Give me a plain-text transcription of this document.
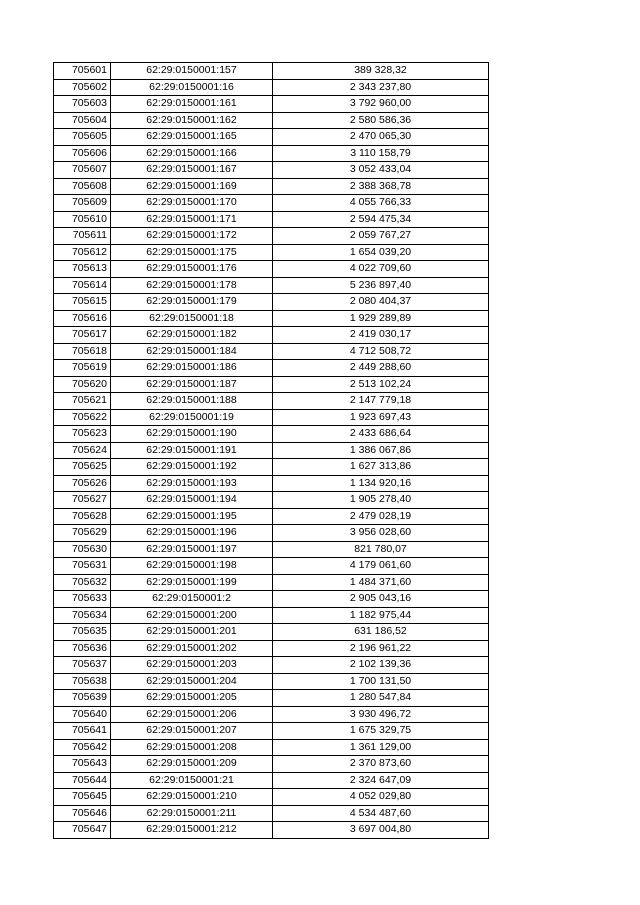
705601	62:29:0150001:157	389 328,32
705602	62:29:0150001:16	2 343 237,80
705603	62:29:0150001:161	3 792 960,00
705604	62:29:0150001:162	2 580 586,36
705605	62:29:0150001:165	2 470 065,30
705606	62:29:0150001:166	3 110 158,79
705607	62:29:0150001:167	3 052 433,04
705608	62:29:0150001:169	2 388 368,78
705609	62:29:0150001:170	4 055 766,33
705610	62:29:0150001:171	2 594 475,34
705611	62:29:0150001:172	2 059 767,27
705612	62:29:0150001:175	1 654 039,20
705613	62:29:0150001:176	4 022 709,60
705614	62:29:0150001:178	5 236 897,40
705615	62:29:0150001:179	2 080 404,37
705616	62:29:0150001:18	1 929 289,89
705617	62:29:0150001:182	2 419 030,17
705618	62:29:0150001:184	4 712 508,72
705619	62:29:0150001:186	2 449 288,60
705620	62:29:0150001:187	2 513 102,24
705621	62:29:0150001:188	2 147 779,18
705622	62:29:0150001:19	1 923 697,43
705623	62:29:0150001:190	2 433 686,64
705624	62:29:0150001:191	1 386 067,86
705625	62:29:0150001:192	1 627 313,86
705626	62:29:0150001:193	1 134 920,16
705627	62:29:0150001:194	1 905 278,40
705628	62:29:0150001:195	2 479 028,19
705629	62:29:0150001:196	3 956 028,60
705630	62:29:0150001:197	821 780,07
705631	62:29:0150001:198	4 179 061,60
705632	62:29:0150001:199	1 484 371,60
705633	62:29:0150001:2	2 905 043,16
705634	62:29:0150001:200	1 182 975,44
705635	62:29:0150001:201	631 186,52
705636	62:29:0150001:202	2 196 961,22
705637	62:29:0150001:203	2 102 139,36
705638	62:29:0150001:204	1 700 131,50
705639	62:29:0150001:205	1 280 547,84
705640	62:29:0150001:206	3 930 496,72
705641	62:29:0150001:207	1 675 329,75
705642	62:29:0150001:208	1 361 129,00
705643	62:29:0150001:209	2 370 873,60
705644	62:29:0150001:21	2 324 647,09
705645	62:29:0150001:210	4 052 029,80
705646	62:29:0150001:211	4 534 487,60
705647	62:29:0150001:212	3 697 004,80
